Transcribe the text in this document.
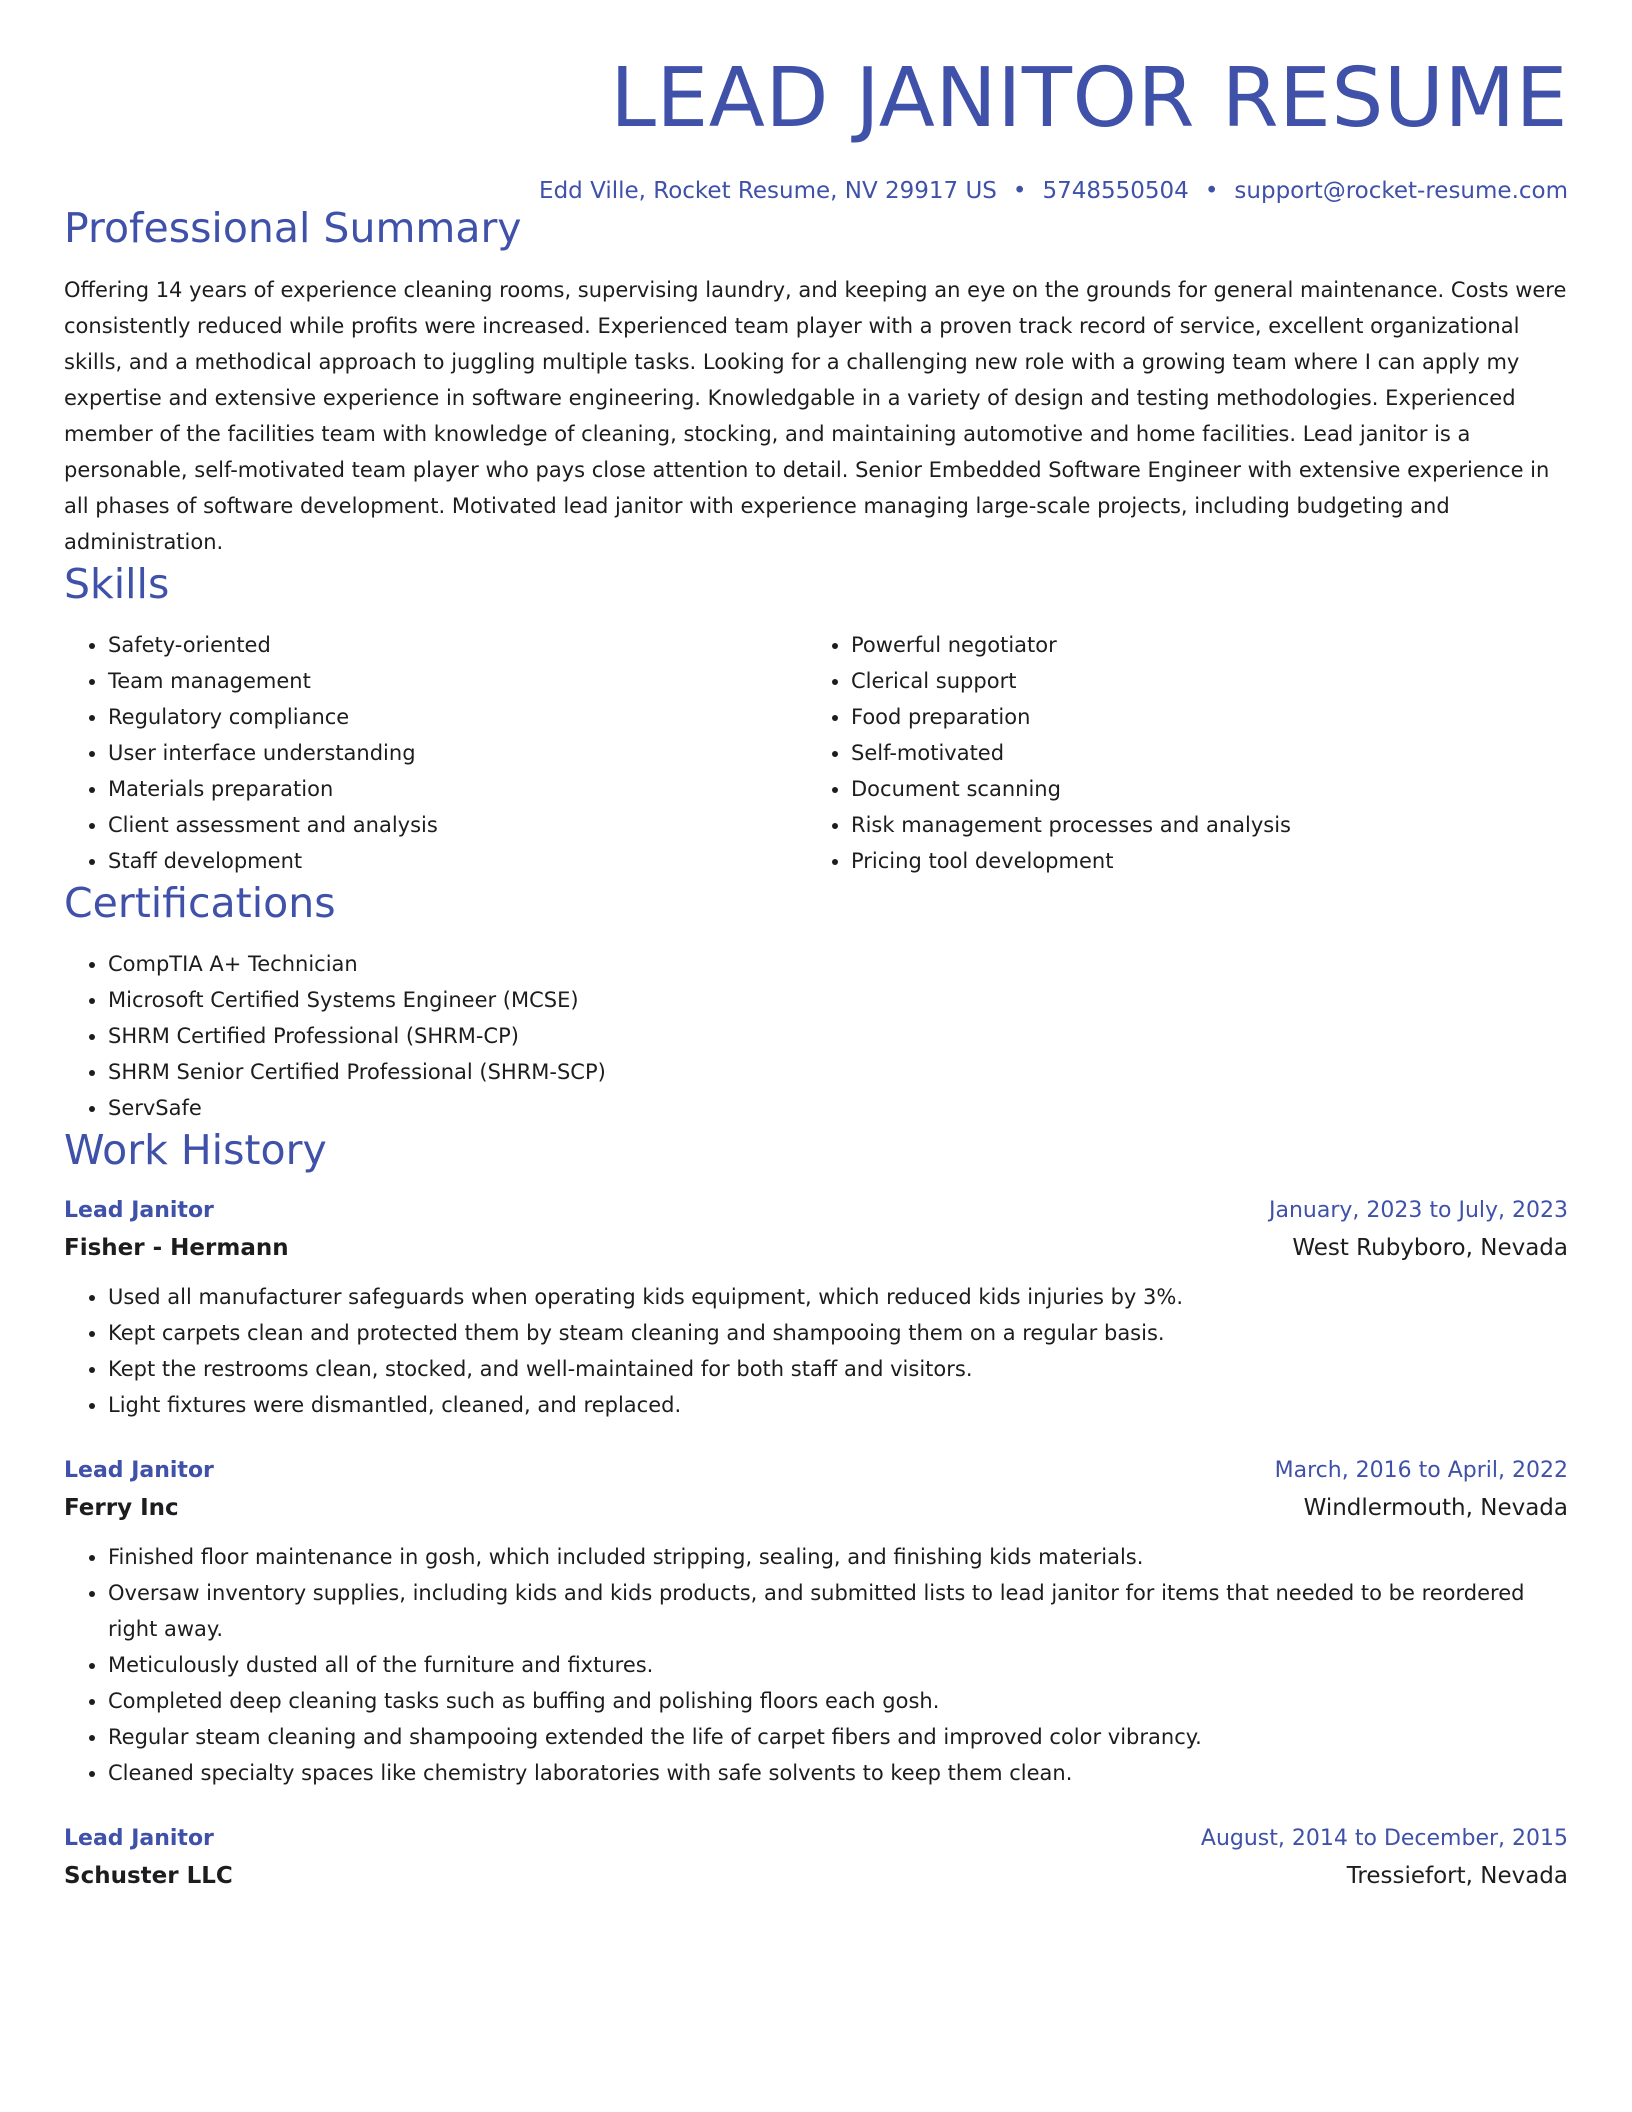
LEAD JANITOR RESUME
Edd Ville, Rocket Resume, NV 29917 US • 5748550504 • support@rocket-resume.com
Professional Summary

Offering 14 years of experience cleaning rooms, supervising laundry, and keeping an eye on the grounds for general maintenance. Costs were consistently reduced while profits were increased. Experienced team player with a proven track record of service, excellent organizational skills, and a methodical approach to juggling multiple tasks. Looking for a challenging new role with a growing team where I can apply my expertise and extensive experience in software engineering. Knowledgable in a variety of design and testing methodologies. Experienced member of the facilities team with knowledge of cleaning, stocking, and maintaining automotive and home facilities. Lead janitor is a personable, self-motivated team player who pays close attention to detail. Senior Embedded Software Engineer with extensive experience in all phases of software development. Motivated lead janitor with experience managing large-scale projects, including budgeting and administration.

Skills
• Safety-oriented
• Team management
• Regulatory compliance
• User interface understanding
• Materials preparation
• Client assessment and analysis
• Staff development
• Powerful negotiator
• Clerical support
• Food preparation
• Self-motivated
• Document scanning
• Risk management processes and analysis
• Pricing tool development
Certifications
• CompTIA A+ Technician
• Microsoft Certified Systems Engineer (MCSE)
• SHRM Certified Professional (SHRM-CP)
• SHRM Senior Certified Professional (SHRM-SCP)
• ServSafe
Work History
Lead Janitor	January, 2023 to July, 2023
Fisher - Hermann	West Rubyboro, Nevada
• Used all manufacturer safeguards when operating kids equipment, which reduced kids injuries by 3%.
• Kept carpets clean and protected them by steam cleaning and shampooing them on a regular basis.
• Kept the restrooms clean, stocked, and well-maintained for both staff and visitors.
• Light fixtures were dismantled, cleaned, and replaced.
Lead Janitor	March, 2016 to April, 2022
Ferry Inc	Windlermouth, Nevada
• Finished floor maintenance in gosh, which included stripping, sealing, and finishing kids materials.
• Oversaw inventory supplies, including kids and kids products, and submitted lists to lead janitor for items that needed to be reordered right away.
• Meticulously dusted all of the furniture and fixtures.
• Completed deep cleaning tasks such as buffing and polishing floors each gosh.
• Regular steam cleaning and shampooing extended the life of carpet fibers and improved color vibrancy.
• Cleaned specialty spaces like chemistry laboratories with safe solvents to keep them clean.
Lead Janitor	August, 2014 to December, 2015
Schuster LLC	Tressiefort, Nevada
